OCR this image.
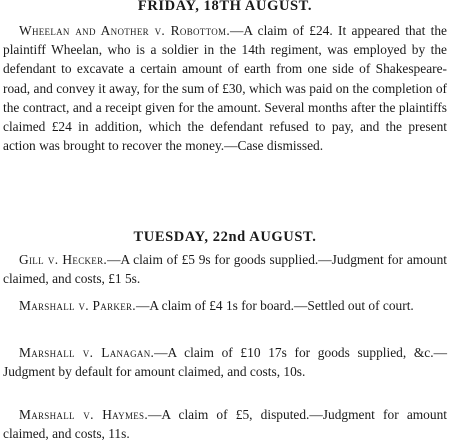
FRIDAY, 18TH AUGUST.

Wheelan and Another v. Robottom.—A claim of £24. It appeared that the plaintiff Wheelan, who is a soldier in the 14th regiment, was employed by the defendant to excavate a certain amount of earth from one side of Shakespeare-road, and convey it away, for the sum of £30, which was paid on the completion of the contract, and a receipt given for the amount. Several months after the plaintiffs claimed £24 in addition, which the defendant refused to pay, and the present action was brought to recover the money.—Case dismissed.

TUESDAY, 22nd AUGUST.

Gill v. Hecker.—A claim of £5 9s for goods supplied.—Judgment for amount claimed, and costs, £1 5s.

Marshall v. Parker.—A claim of £4 1s for board.—Settled out of court.

Marshall v. Lanagan.—A claim of £10 17s for goods supplied, &c.—Judgment by default for amount claimed, and costs, 10s.

Marshall v. Haymes.—A claim of £5, disputed.—Judgment for amount claimed, and costs, 11s.
